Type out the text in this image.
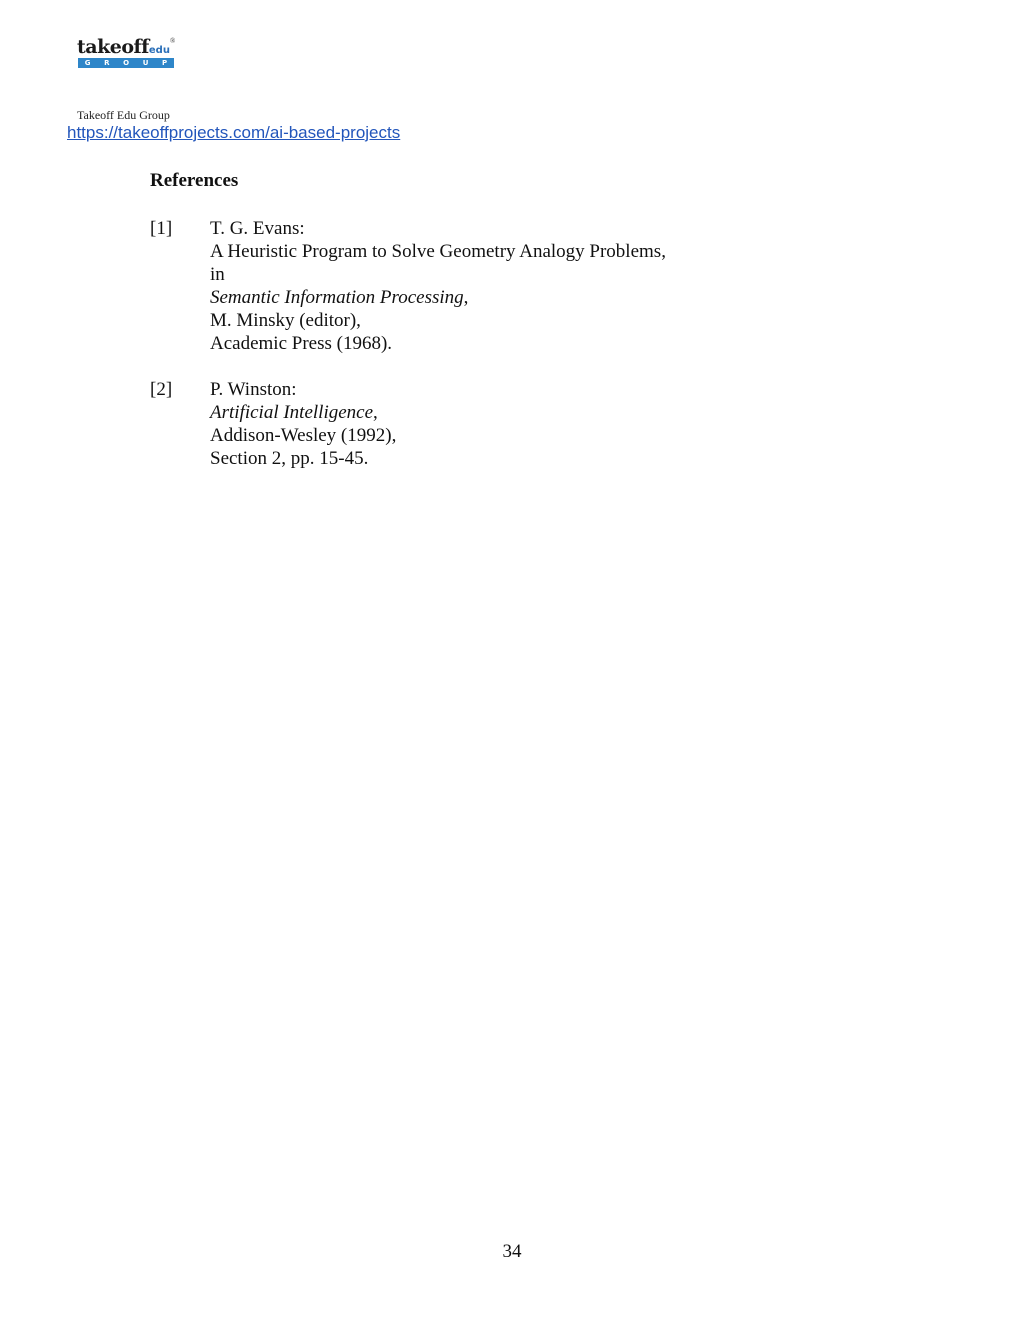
takeoffedu
®
G R O U P
Takeoff Edu Group
https://takeoffprojects.com/ai-based-projects
References
[1] T. G. Evans:
A Heuristic Program to Solve Geometry Analogy Problems,
in
Semantic Information Processing,
M. Minsky (editor),
Academic Press (1968).
[2] P. Winston:
Artificial Intelligence,
Addison-Wesley (1992),
Section 2, pp. 15-45.
34
